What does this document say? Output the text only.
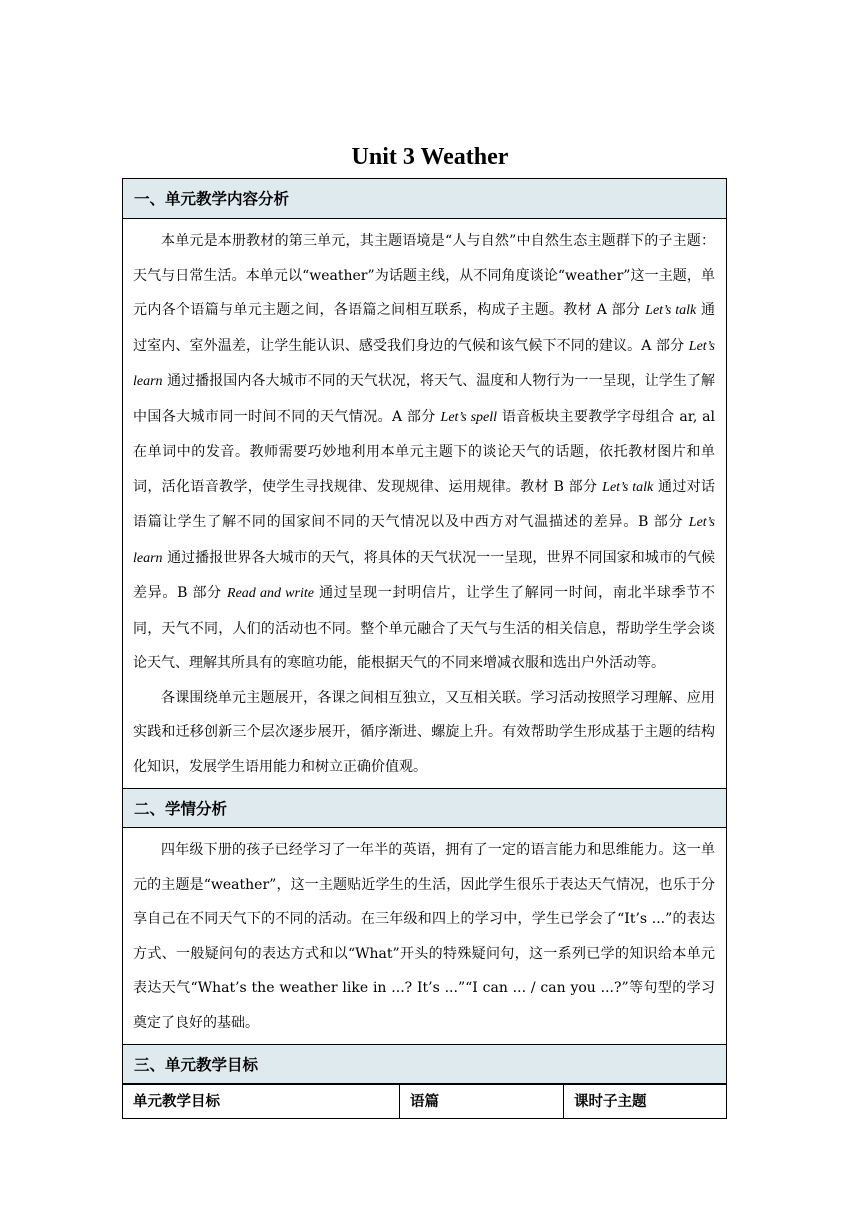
Unit 3 Weather
一、单元教学内容分析

本单元是本册教材的第三单元，其主题语境是“人与自然”中自然生态主题群下的子主题：天气与日常生活。本单元以“weather”为话题主线，从不同角度谈论“weather”这一主题，单元内各个语篇与单元主题之间，各语篇之间相互联系，构成子主题。教材 A 部分 Let’s talk 通过室内、室外温差，让学生能认识、感受我们身边的气候和该气候下不同的建议。A 部分 Let’s learn 通过播报国内各大城市不同的天气状况，将天气、温度和人物行为一一呈现，让学生了解中国各大城市同一时间不同的天气情况。A 部分 Let’s spell 语音板块主要教学字母组合 ar, al 在单词中的发音。教师需要巧妙地利用本单元主题下的谈论天气的话题，依托教材图片和单词，活化语音教学，使学生寻找规律、发现规律、运用规律。教材 B 部分 Let’s talk 通过对话语篇让学生了解不同的国家间不同的天气情况以及中西方对气温描述的差异。B 部分 Let’s learn 通过播报世界各大城市的天气，将具体的天气状况一一呈现，世界不同国家和城市的气候差异。B 部分 Read and write 通过呈现一封明信片，让学生了解同一时间，南北半球季节不同，天气不同，人们的活动也不同。整个单元融合了天气与生活的相关信息，帮助学生学会谈论天气、理解其所具有的寒暄功能，能根据天气的不同来增减衣服和选出户外活动等。

各课围绕单元主题展开，各课之间相互独立，又互相关联。学习活动按照学习理解、应用实践和迁移创新三个层次逐步展开，循序渐进、螺旋上升。有效帮助学生形成基于主题的结构化知识，发展学生语用能力和树立正确价值观。

二、学情分析

四年级下册的孩子已经学习了一年半的英语，拥有了一定的语言能力和思维能力。这一单元的主题是“weather”，这一主题贴近学生的生活，因此学生很乐于表达天气情况，也乐于分享自己在不同天气下的不同的活动。在三年级和四上的学习中，学生已学会了“It’s ...”的表达方式、一般疑问句的表达方式和以“What”开头的特殊疑问句，这一系列已学的知识给本单元表达天气“What’s the weather like in ...? It’s ...”“I can ... / can you ...?”等句型的学习奠定了良好的基础。

三、单元教学目标
单元教学目标	语篇	课时子主题
